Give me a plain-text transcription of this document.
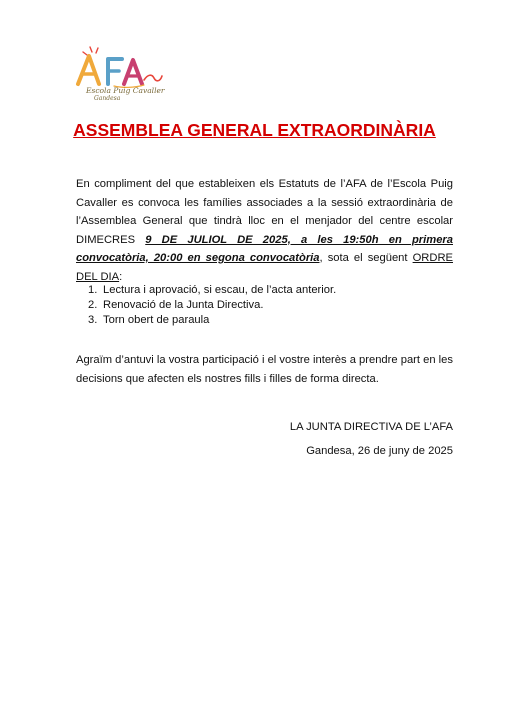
Escola Puig Cavaller
Gandesa
ASSEMBLEA GENERAL EXTRAORDINÀRIA
En compliment del que estableixen els Estatuts de l’AFA de l’Escola Puig Cavaller es convoca les famílies associades a la sessió extraordinària de l’Assemblea General que tindrà lloc en el menjador del centre escolar DIMECRES 9 DE JULIOL DE 2025, a les 19:50h en primera convocatòria, 20:00 en segona convocatòria, sota el següent ORDRE DEL DIA:
1. Lectura i aprovació, si escau, de l’acta anterior.
2. Renovació de la Junta Directiva.
3. Torn obert de paraula
Agraïm d’antuvi la vostra participació i el vostre interès a prendre part en les decisions que afecten els nostres fills i filles de forma directa.
LA JUNTA DIRECTIVA DE L’AFA
Gandesa, 26 de juny de 2025
